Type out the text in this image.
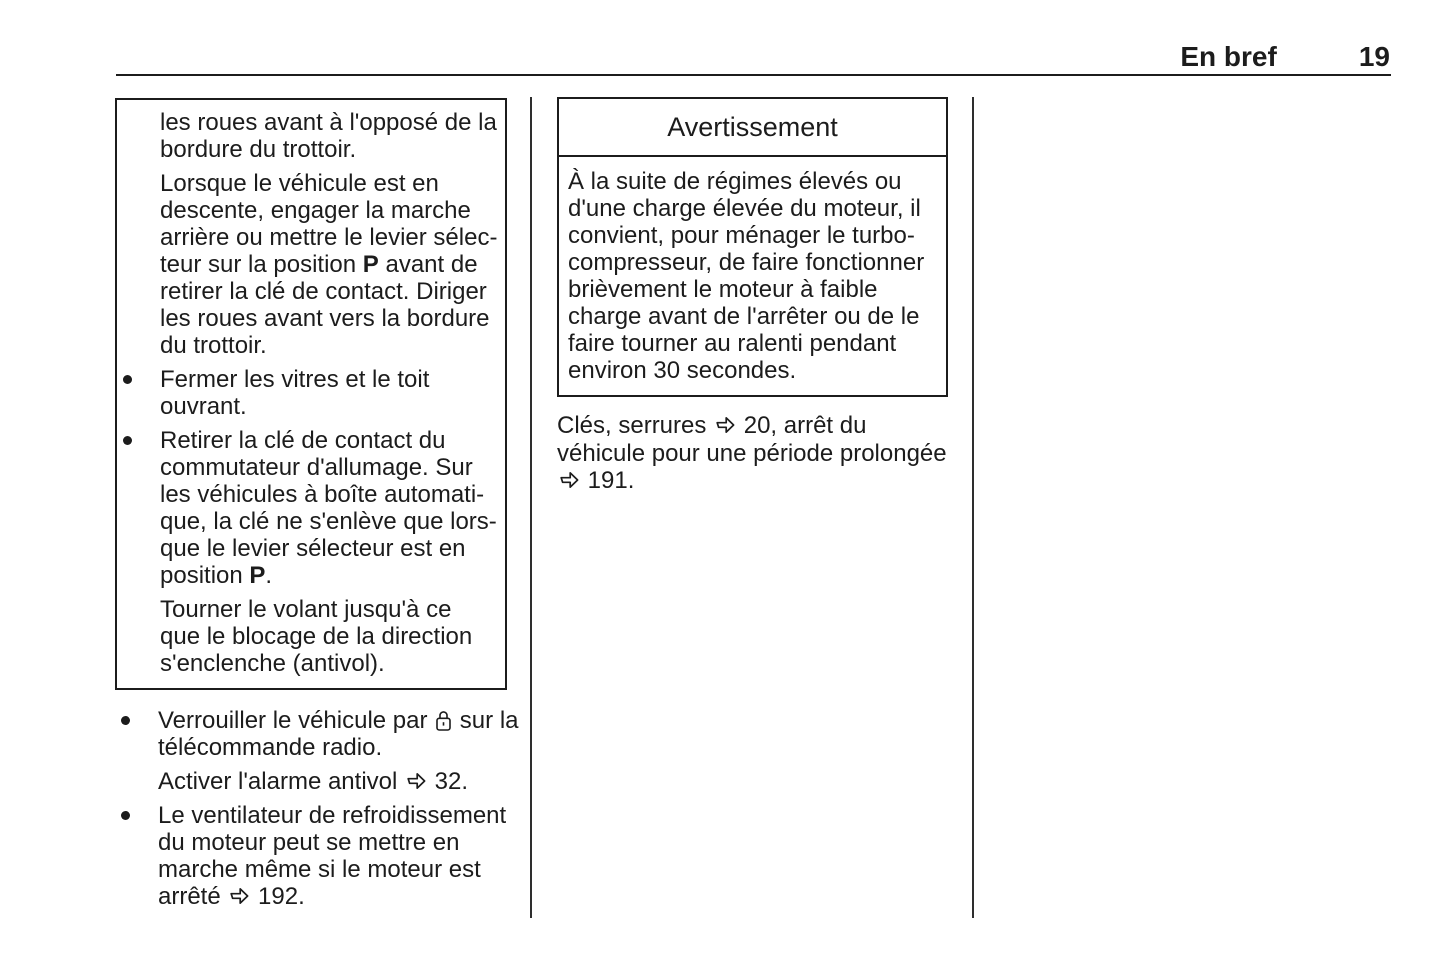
En bref	19
les roues avant à l'opposé de la
bordure du trottoir.
Lorsque le véhicule est en
descente, engager la marche
arrière ou mettre le levier sélec-
teur sur la position P avant de
retirer la clé de contact. Diriger
les roues avant vers la bordure
du trottoir.
Fermer les vitres et le toit
ouvrant.
Retirer la clé de contact du
commutateur d'allumage. Sur
les véhicules à boîte automati-
que, la clé ne s'enlève que lors-
que le levier sélecteur est en
position P.
Tourner le volant jusqu'à ce
que le blocage de la direction
s'enclenche (antivol).
Verrouiller le véhicule par  sur la
télécommande radio.
Activer l'alarme antivol  32.
Le ventilateur de refroidissement
du moteur peut se mettre en
marche même si le moteur est
arrêté  192.
Avertissement
À la suite de régimes élevés ou
d'une charge élevée du moteur, il
convient, pour ménager le turbo-
compresseur, de faire fonctionner
brièvement le moteur à faible
charge avant de l'arrêter ou de le
faire tourner au ralenti pendant
environ 30 secondes.
Clés, serrures  20, arrêt du
véhicule pour une période prolongée
191.
